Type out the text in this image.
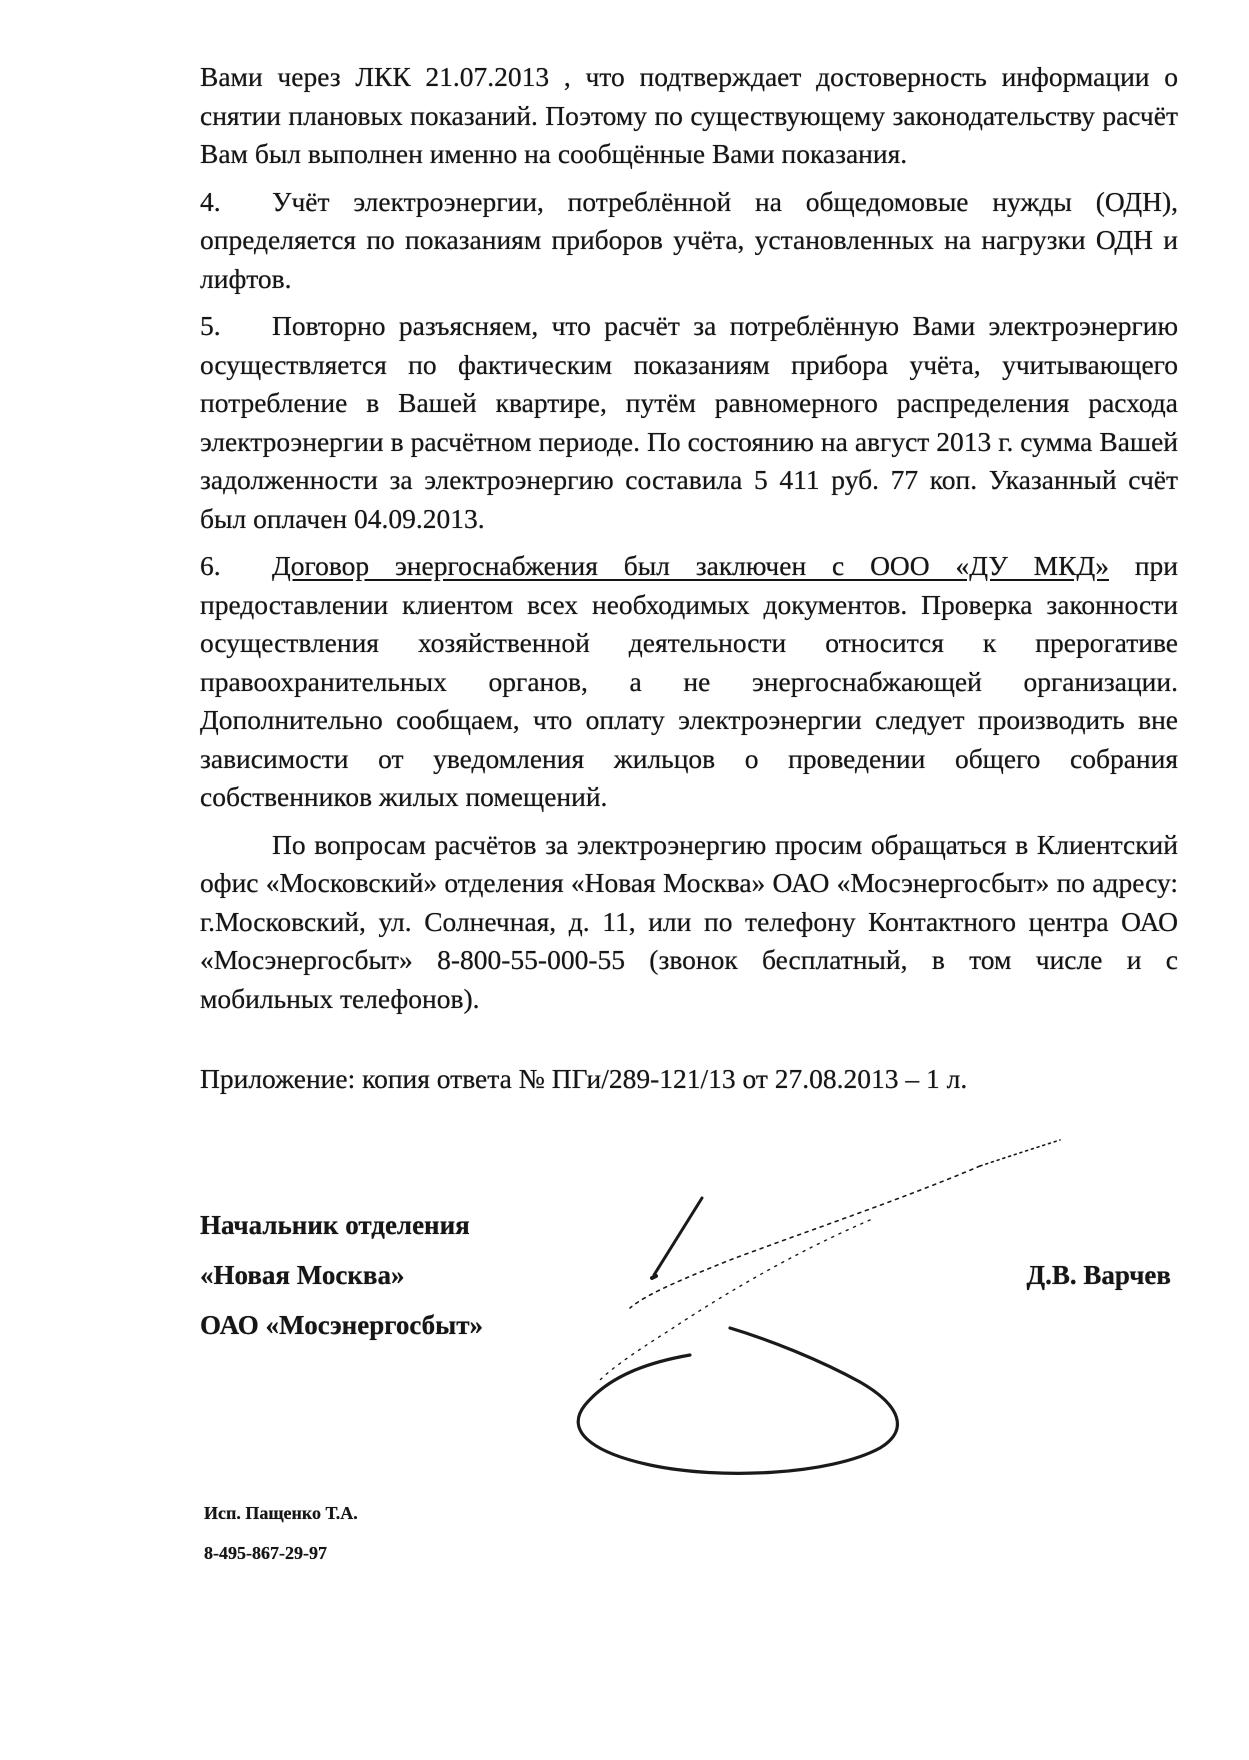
Вами через ЛКК 21.07.2013 , что подтверждает достоверность информации о снятии плановых показаний. Поэтому по существующему законодательству расчёт Вам был выполнен именно на сообщённые Вами показания.

4. Учёт электроэнергии, потреблённой на общедомовые нужды (ОДН), определяется по показаниям приборов учёта, установленных на нагрузки ОДН и лифтов.

5. Повторно разъясняем, что расчёт за потреблённую Вами электроэнергию осуществляется по фактическим показаниям прибора учёта, учитывающего потребление в Вашей квартире, путём равномерного распределения расхода электроэнергии в расчётном периоде. По состоянию на август 2013 г. сумма Вашей задолженности за электроэнергию составила 5 411 руб. 77 коп. Указанный счёт был оплачен 04.09.2013.

6. Договор энергоснабжения был заключен с ООО «ДУ МКД» при предоставлении клиентом всех необходимых документов. Проверка законности осуществления хозяйственной деятельности относится к прерогативе правоохранительных органов, а не энергоснабжающей организации. Дополнительно сообщаем, что оплату электроэнергии следует производить вне зависимости от уведомления жильцов о проведении общего собрания собственников жилых помещений.

По вопросам расчётов за электроэнергию просим обращаться в Клиентский офис «Московский» отделения «Новая Москва» ОАО «Мосэнергосбыт» по адресу: г.Московский, ул. Солнечная, д. 11, или по телефону Контактного центра ОАО «Мосэнергосбыт» 8-800-55-000-55 (звонок бесплатный, в том числе и с мобильных телефонов).

Приложение: копия ответа № ПГи/289-121/13 от 27.08.2013 – 1 л.
Начальник отделения
«Новая Москва»
ОАО «Мосэнергосбыт»
Д.В. Варчев
Исп. Пащенко Т.А.
8-495-867-29-97
